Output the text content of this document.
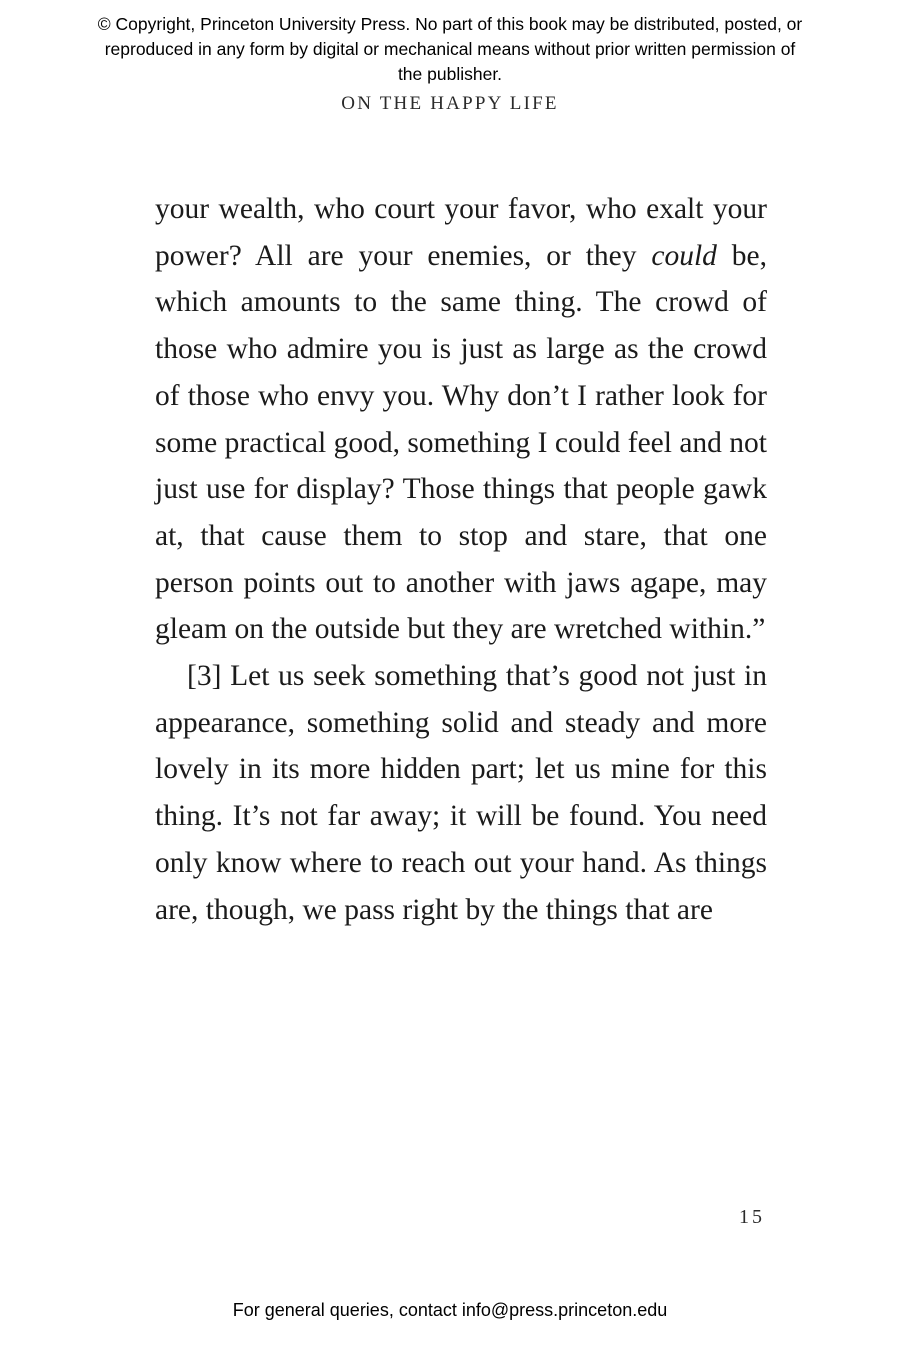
© Copyright, Princeton University Press. No part of this book may be distributed, posted, or reproduced in any form by digital or mechanical means without prior written permission of the publisher.
ON THE HAPPY LIFE

your wealth, who court your favor, who exalt your power? All are your enemies, or they could be, which amounts to the same thing. The crowd of those who admire you is just as large as the crowd of those who envy you. Why don’t I rather look for some practical good, something I could feel and not just use for display? Those things that people gawk at, that cause them to stop and stare, that one person points out to another with jaws agape, may gleam on the outside but they are wretched within.”

[3] Let us seek something that’s good not just in appearance, something solid and steady and more lovely in its more hidden part; let us mine for this thing. It’s not far away; it will be found. You need only know where to reach out your hand. As things are, though, we pass right by the things that are

15
For general queries, contact info@press.princeton.edu
